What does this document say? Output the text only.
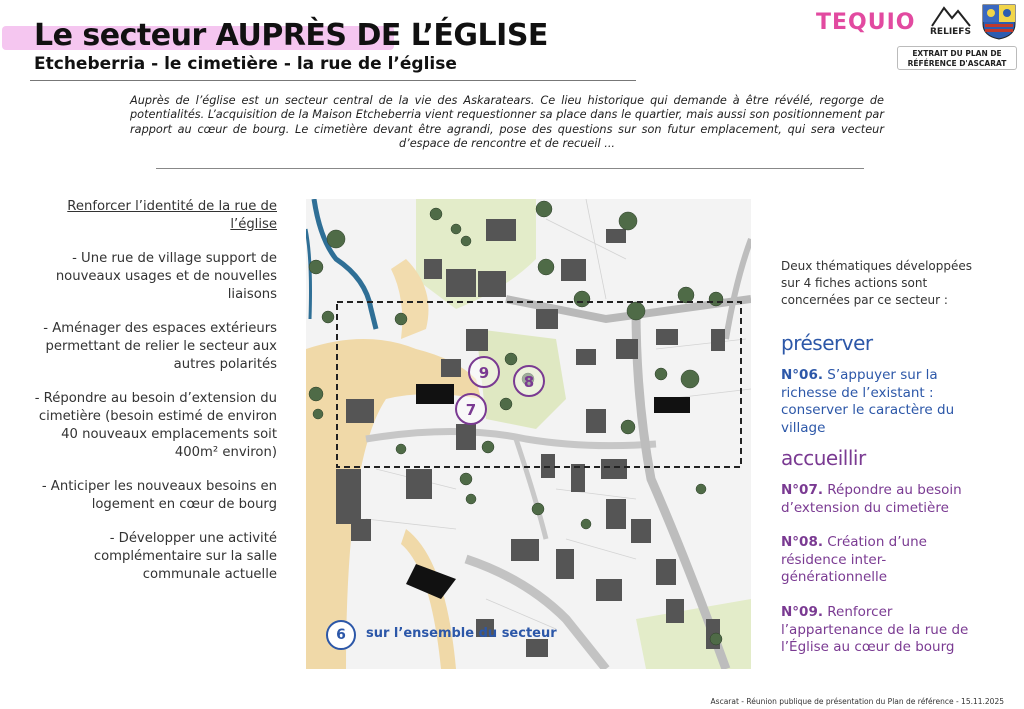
Le secteur AUPRÈS DE L’ÉGLISE
Etcheberria - le cimetière - la rue de l’église
TEQUIO RELIEFS
EXTRAIT DU PLAN DE
RÉFÉRENCE D'ASCARAT
Auprès de l’église est un secteur central de la vie des Askaratears. Ce lieu historique qui demande à être révélé, regorge de potentialités. L’acquisition de la Maison Etcheberria vient requestionner sa place dans le quartier, mais aussi son positionnement par rapport au cœur de bourg. Le cimetière devant être agrandi, pose des questions sur son futur emplacement, qui sera vecteur d’espace de rencontre et de recueil ...
Renforcer l’identité de la rue de l’église
- Une rue de village support de nouveaux usages et de nouvelles liaisons
- Aménager des espaces extérieurs permettant de relier le secteur aux autres polarités
- Répondre au besoin d’extension du cimetière (besoin estimé de environ 40 nouveaux emplacements soit
400m² environ)
- Anticiper les nouveaux besoins en logement en cœur de bourg
- Développer une activité complémentaire sur la salle communale actuelle
9 8
7
6	sur l’ensemble du secteur
Deux thématiques développées sur 4 fiches actions sont concernées par ce secteur :
préserver
N°06. S’appuyer sur la richesse de l’existant : conserver le caractère du village
accueillir
N°07. Répondre au besoin d’extension du cimetière
N°08. Création d’une résidence inter-générationnelle
N°09. Renforcer l’appartenance de la rue de l’Église au cœur de bourg
Ascarat - Réunion publique de présentation du Plan de référence - 15.11.2025
